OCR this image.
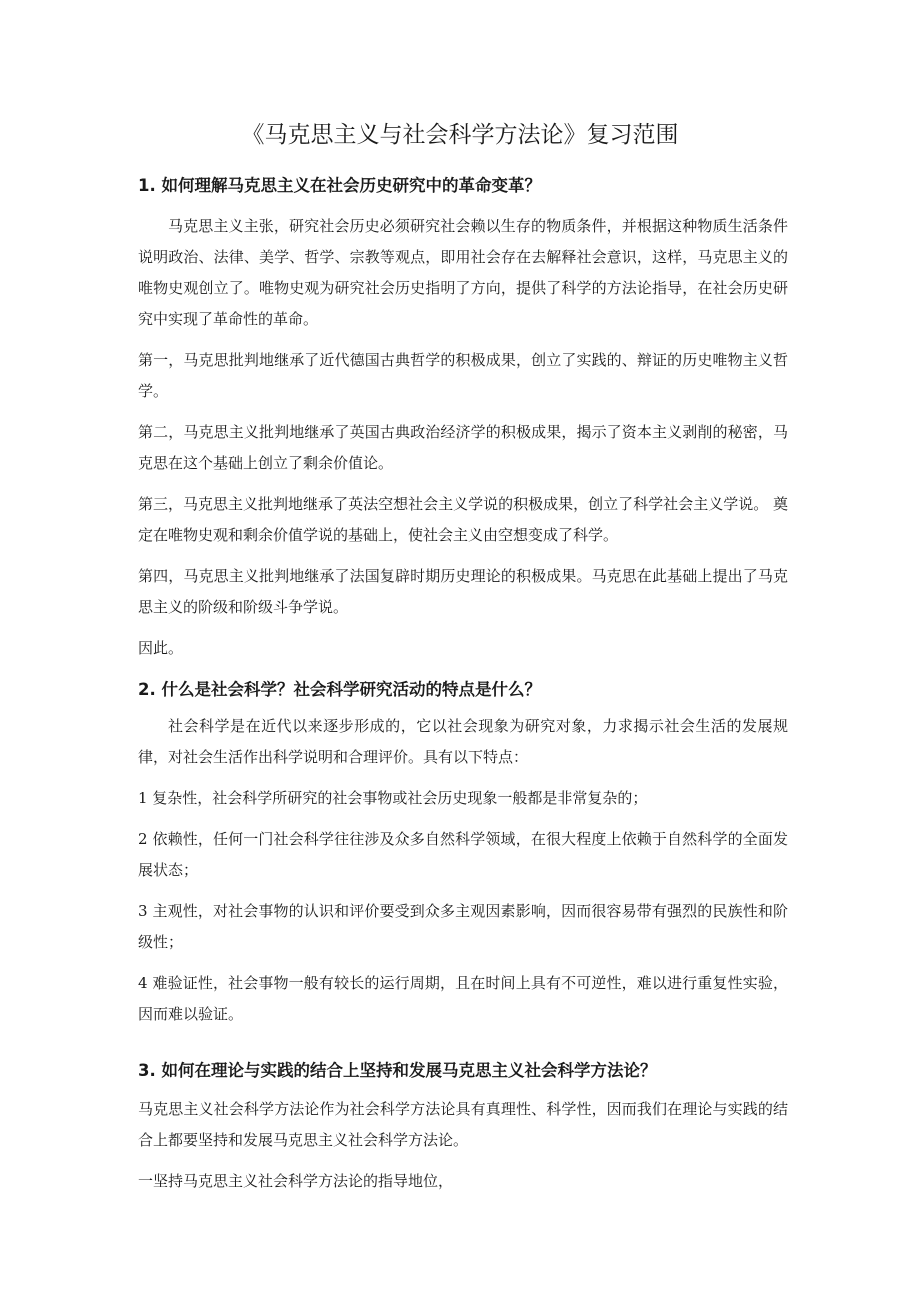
《马克思主义与社会科学方法论》复习范围
1. 如何理解马克思主义在社会历史研究中的革命变革？

马克思主义主张，研究社会历史必须研究社会赖以生存的物质条件，并根据这种物质生活条件说明政治、法律、美学、哲学、宗教等观点，即用社会存在去解释社会意识，这样，马克思主义的唯物史观创立了。唯物史观为研究社会历史指明了方向，提供了科学的方法论指导，在社会历史研究中实现了革命性的革命。

第一，马克思批判地继承了近代德国古典哲学的积极成果，创立了实践的、辩证的历史唯物主义哲学。

第二，马克思主义批判地继承了英国古典政治经济学的积极成果，揭示了资本主义剥削的秘密，马克思在这个基础上创立了剩余价值论。

第三，马克思主义批判地继承了英法空想社会主义学说的积极成果，创立了科学社会主义学说。 奠定在唯物史观和剩余价值学说的基础上，使社会主义由空想变成了科学。

第四，马克思主义批判地继承了法国复辟时期历史理论的积极成果。马克思在此基础上提出了马克思主义的阶级和阶级斗争学说。

因此。

2. 什么是社会科学？社会科学研究活动的特点是什么？

社会科学是在近代以来逐步形成的，它以社会现象为研究对象，力求揭示社会生活的发展规律，对社会生活作出科学说明和合理评价。具有以下特点：

1 复杂性，社会科学所研究的社会事物或社会历史现象一般都是非常复杂的；

2 依赖性，任何一门社会科学往往涉及众多自然科学领域，在很大程度上依赖于自然科学的全面发展状态；

3 主观性，对社会事物的认识和评价要受到众多主观因素影响，因而很容易带有强烈的民族性和阶级性；

4 难验证性，社会事物一般有较长的运行周期，且在时间上具有不可逆性，难以进行重复性实验，因而难以验证。

3. 如何在理论与实践的结合上坚持和发展马克思主义社会科学方法论？

马克思主义社会科学方法论作为社会科学方法论具有真理性、科学性，因而我们在理论与实践的结合上都要坚持和发展马克思主义社会科学方法论。

一坚持马克思主义社会科学方法论的指导地位，
